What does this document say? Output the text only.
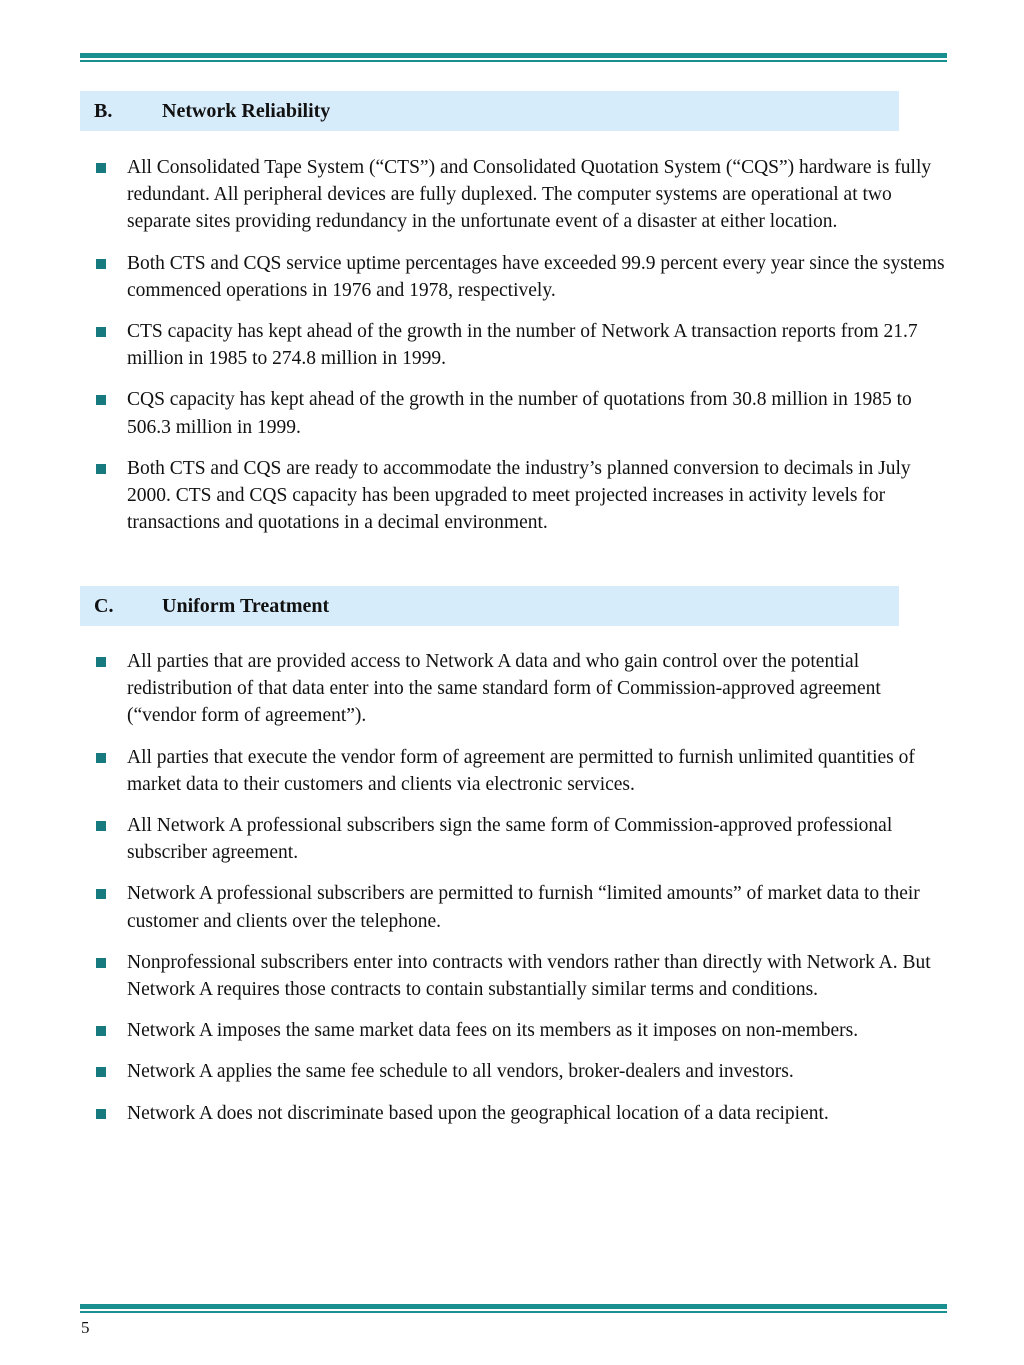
B.	Network Reliability
All Consolidated Tape System (“CTS”) and Consolidated Quotation System (“CQS”) hardware is fully redundant. All peripheral devices are fully duplexed. The computer systems are operational at two separate sites providing redundancy in the unfortunate event of a disaster at either location.
Both CTS and CQS service uptime percentages have exceeded 99.9 percent every year since the systems commenced operations in 1976 and 1978, respectively.
CTS capacity has kept ahead of the growth in the number of Network A transaction reports from 21.7 million in 1985 to 274.8 million in 1999.
CQS capacity has kept ahead of the growth in the number of quotations from 30.8 million in 1985 to 506.3 million in 1999.
Both CTS and CQS are ready to accommodate the industry’s planned conversion to decimals in July 2000. CTS and CQS capacity has been upgraded to meet projected increases in activity levels for transactions and quotations in a decimal environment.
C.	Uniform Treatment
All parties that are provided access to Network A data and who gain control over the potential redistribution of that data enter into the same standard form of Commission-approved agreement (“vendor form of agreement”).
All parties that execute the vendor form of agreement are permitted to furnish unlimited quantities of market data to their customers and clients via electronic services.
All Network A professional subscribers sign the same form of Commission-approved professional subscriber agreement.
Network A professional subscribers are permitted to furnish “limited amounts” of market data to their customer and clients over the telephone.
Nonprofessional subscribers enter into contracts with vendors rather than directly with Network A. But Network A requires those contracts to contain substantially similar terms and conditions.
Network A imposes the same market data fees on its members as it imposes on non-members.
Network A applies the same fee schedule to all vendors, broker-dealers and investors.
Network A does not discriminate based upon the geographical location of a data recipient.
5
